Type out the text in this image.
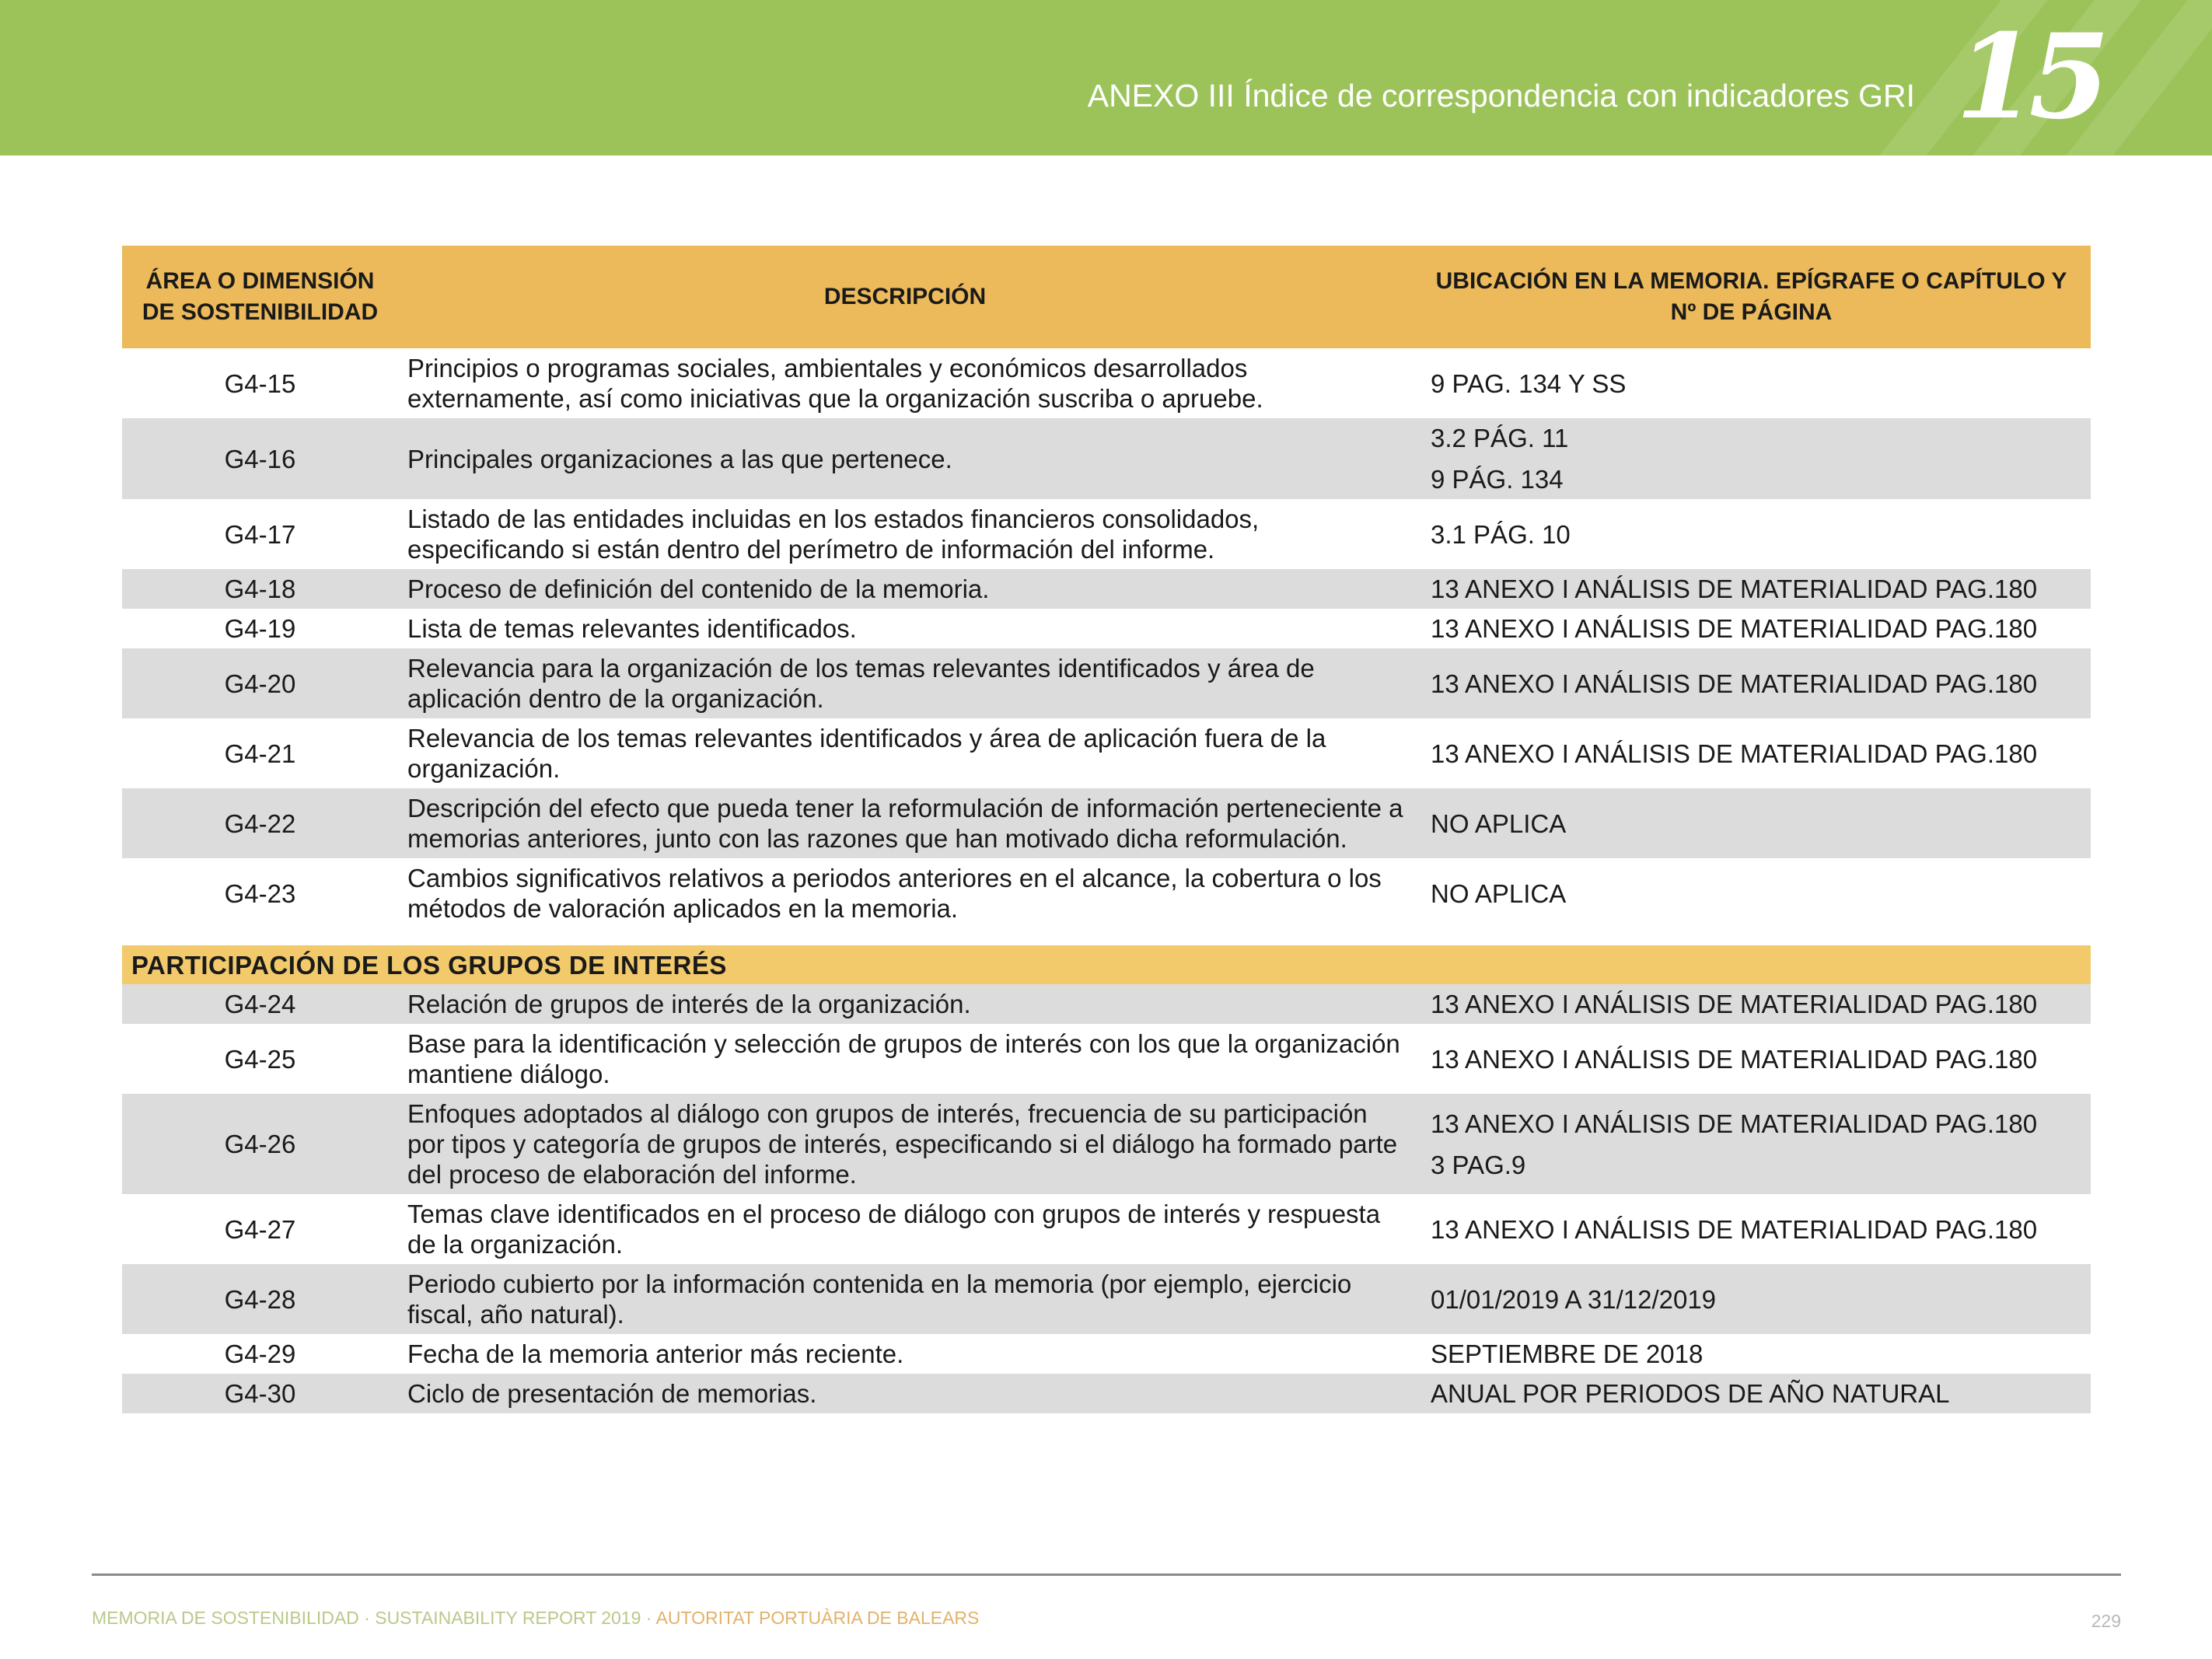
ANEXO III Índice de correspondencia con indicadores GRI 15
ÁREA O DIMENSIÓN DE SOSTENIBILIDAD	DESCRIPCIÓN	UBICACIÓN EN LA MEMORIA. EPÍGRAFE O CAPÍTULO Y Nº DE PÁGINA
G4-15	Principios o programas sociales, ambientales y económicos desarrollados externamente, así como iniciativas que la organización suscriba o apruebe.	9 PAG. 134 Y SS

G4-16	Principales organizaciones a las que pertenece.	3.2 PÁG. 11
9 PÁG. 134

G4-17	Listado de las entidades incluidas en los estados financieros consolidados, especificando si están dentro del perímetro de información del informe.	3.1 PÁG. 10

G4-18	Proceso de definición del contenido de la memoria.	13 ANEXO I ANÁLISIS DE MATERIALIDAD PAG.180

G4-19	Lista de temas relevantes identificados.	13 ANEXO I ANÁLISIS DE MATERIALIDAD PAG.180

G4-20	Relevancia para la organización de los temas relevantes identificados y área de aplicación dentro de la organización.	13 ANEXO I ANÁLISIS DE MATERIALIDAD PAG.180

G4-21	Relevancia de los temas relevantes identificados y área de aplicación fuera de la organización.	13 ANEXO I ANÁLISIS DE MATERIALIDAD PAG.180

G4-22	Descripción del efecto que pueda tener la reformulación de información perteneciente a memorias anteriores, junto con las razones que han motivado dicha reformulación.	NO APLICA

G4-23	Cambios significativos relativos a periodos anteriores en el alcance, la cobertura o los métodos de valoración aplicados en la memoria.	NO APLICA

PARTICIPACIÓN DE LOS GRUPOS DE INTERÉS		
G4-24	Relación de grupos de interés de la organización.	13 ANEXO I ANÁLISIS DE MATERIALIDAD PAG.180

G4-25	Base para la identificación y selección de grupos de interés con los que la organización mantiene diálogo.	13 ANEXO I ANÁLISIS DE MATERIALIDAD PAG.180

G4-26	Enfoques adoptados al diálogo con grupos de interés, frecuencia de su participación por tipos y categoría de grupos de interés, especificando si el diálogo ha formado parte del proceso de elaboración del informe.	13 ANEXO I ANÁLISIS DE MATERIALIDAD PAG.180
3 PAG.9

G4-27	Temas clave identificados en el proceso de diálogo con grupos de interés y respuesta de la organización.	13 ANEXO I ANÁLISIS DE MATERIALIDAD PAG.180

G4-28	Periodo cubierto por la información contenida en la memoria (por ejemplo, ejercicio fiscal, año natural).	01/01/2019 A 31/12/2019

G4-29	Fecha de la memoria anterior más reciente.	SEPTIEMBRE DE 2018

G4-30	Ciclo de presentación de memorias.	ANUAL POR PERIODOS DE AÑO NATURAL
MEMORIA DE SOSTENIBILIDAD · SUSTAINABILITY REPORT 2019 · AUTORITAT PORTUÀRIA DE BALEARS	229
